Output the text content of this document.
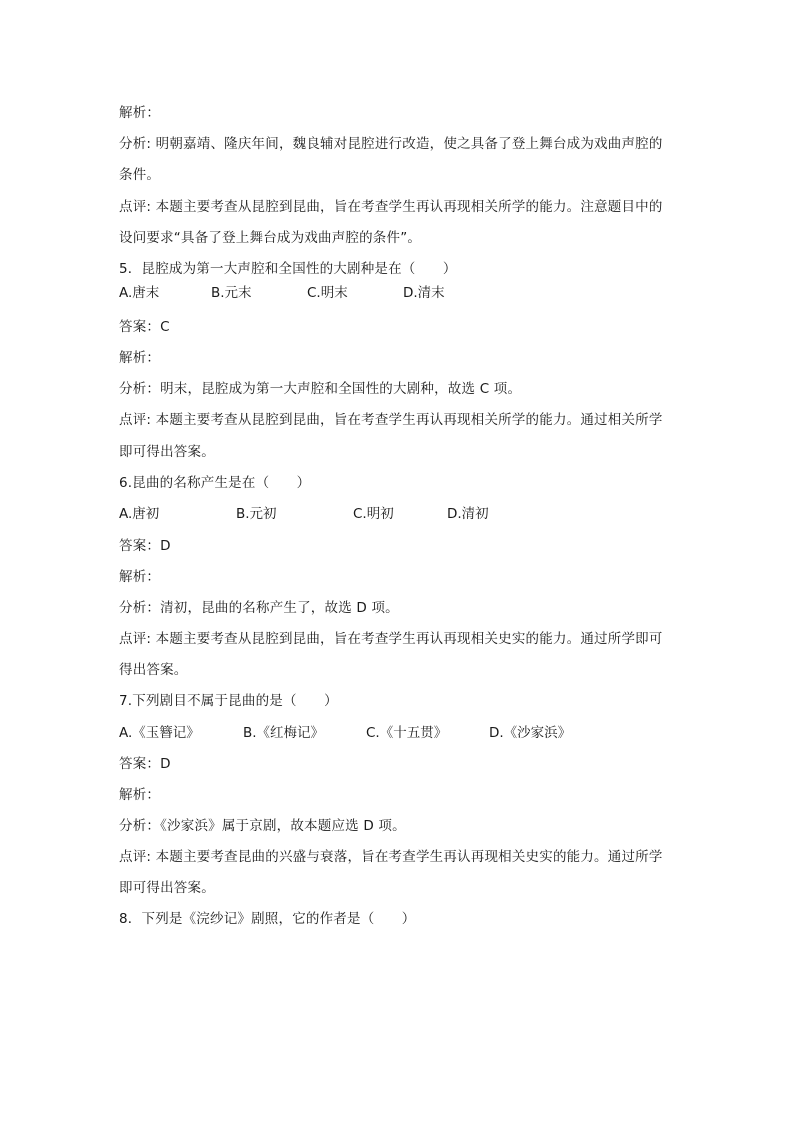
解析：
分析: 明朝嘉靖、隆庆年间，魏良辅对昆腔进行改造，使之具备了登上舞台成为戏曲声腔的
条件。
点评: 本题主要考查从昆腔到昆曲，旨在考查学生再认再现相关所学的能力。注意题目中的
设问要求“具备了登上舞台成为戏曲声腔的条件”。
5．昆腔成为第一大声腔和全国性的大剧种是在（　　）
A.唐末	B.元末	C.明末	D.清末
答案：C
解析：
分析：明末，昆腔成为第一大声腔和全国性的大剧种，故选 C 项。
点评: 本题主要考查从昆腔到昆曲，旨在考查学生再认再现相关所学的能力。通过相关所学
即可得出答案。
6.昆曲的名称产生是在（　　）
A.唐初	B.元初	C.明初	D.清初
答案：D
解析：
分析：清初，昆曲的名称产生了，故选 D 项。
点评: 本题主要考查从昆腔到昆曲，旨在考查学生再认再现相关史实的能力。通过所学即可
得出答案。
7.下列剧目不属于昆曲的是（　　）
A.《玉簪记》	B.《红梅记》	C.《十五贯》	D.《沙家浜》
答案：D
解析：
分析：《沙家浜》属于京剧，故本题应选 D 项。
点评: 本题主要考查昆曲的兴盛与衰落，旨在考查学生再认再现相关史实的能力。通过所学
即可得出答案。
8．下列是《浣纱记》剧照，它的作者是（　　）
